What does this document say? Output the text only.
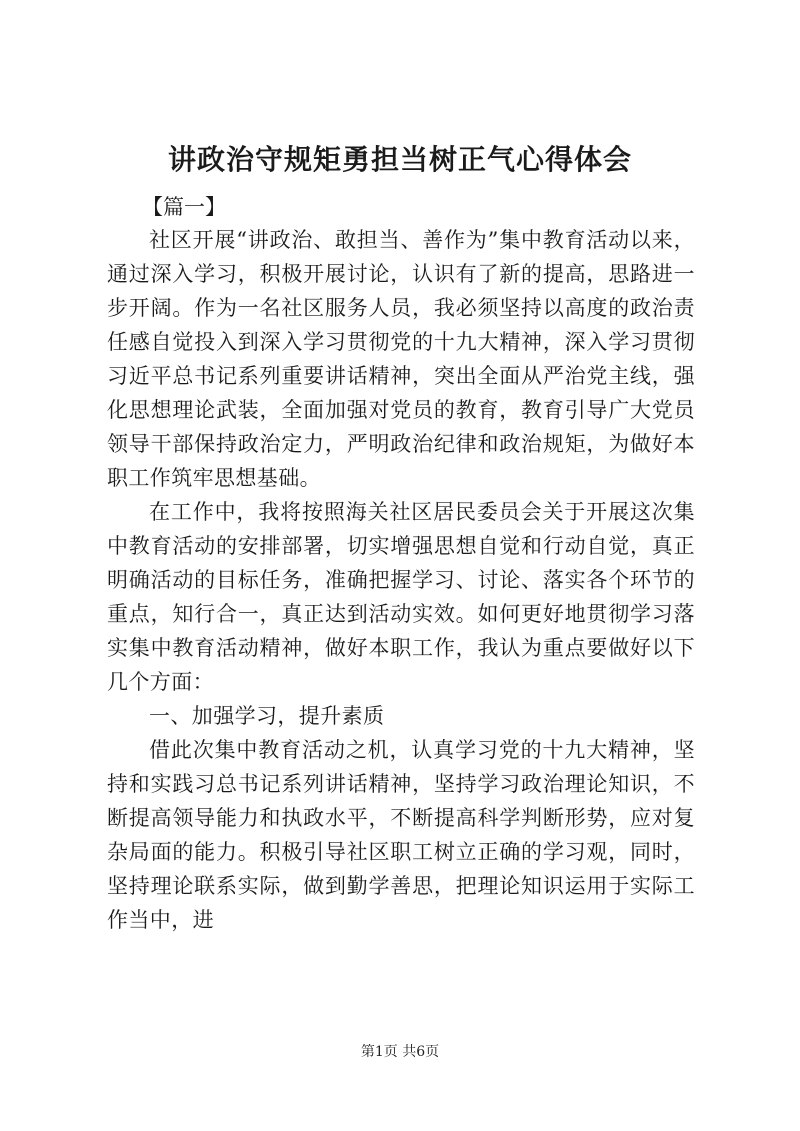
讲政治守规矩勇担当树正气心得体会

【篇一】

社区开展“讲政治、敢担当、善作为”集中教育活动以来，通过深入学习，积极开展讨论，认识有了新的提高，思路进一步开阔。作为一名社区服务人员，我必须坚持以高度的政治责任感自觉投入到深入学习贯彻党的十九大精神，深入学习贯彻习近平总书记系列重要讲话精神，突出全面从严治党主线，强化思想理论武装，全面加强对党员的教育，教育引导广大党员领导干部保持政治定力，严明政治纪律和政治规矩，为做好本职工作筑牢思想基础。

在工作中，我将按照海关社区居民委员会关于开展这次集中教育活动的安排部署，切实增强思想自觉和行动自觉，真正明确活动的目标任务，准确把握学习、讨论、落实各个环节的重点，知行合一，真正达到活动实效。如何更好地贯彻学习落实集中教育活动精神，做好本职工作，我认为重点要做好以下几个方面：

一、加强学习，提升素质

借此次集中教育活动之机，认真学习党的十九大精神，坚持和实践习总书记系列讲话精神，坚持学习政治理论知识，不断提高领导能力和执政水平，不断提高科学判断形势，应对复杂局面的能力。积极引导社区职工树立正确的学习观，同时，坚持理论联系实际，做到勤学善思，把理论知识运用于实际工作当中，进

第1页 共6页
